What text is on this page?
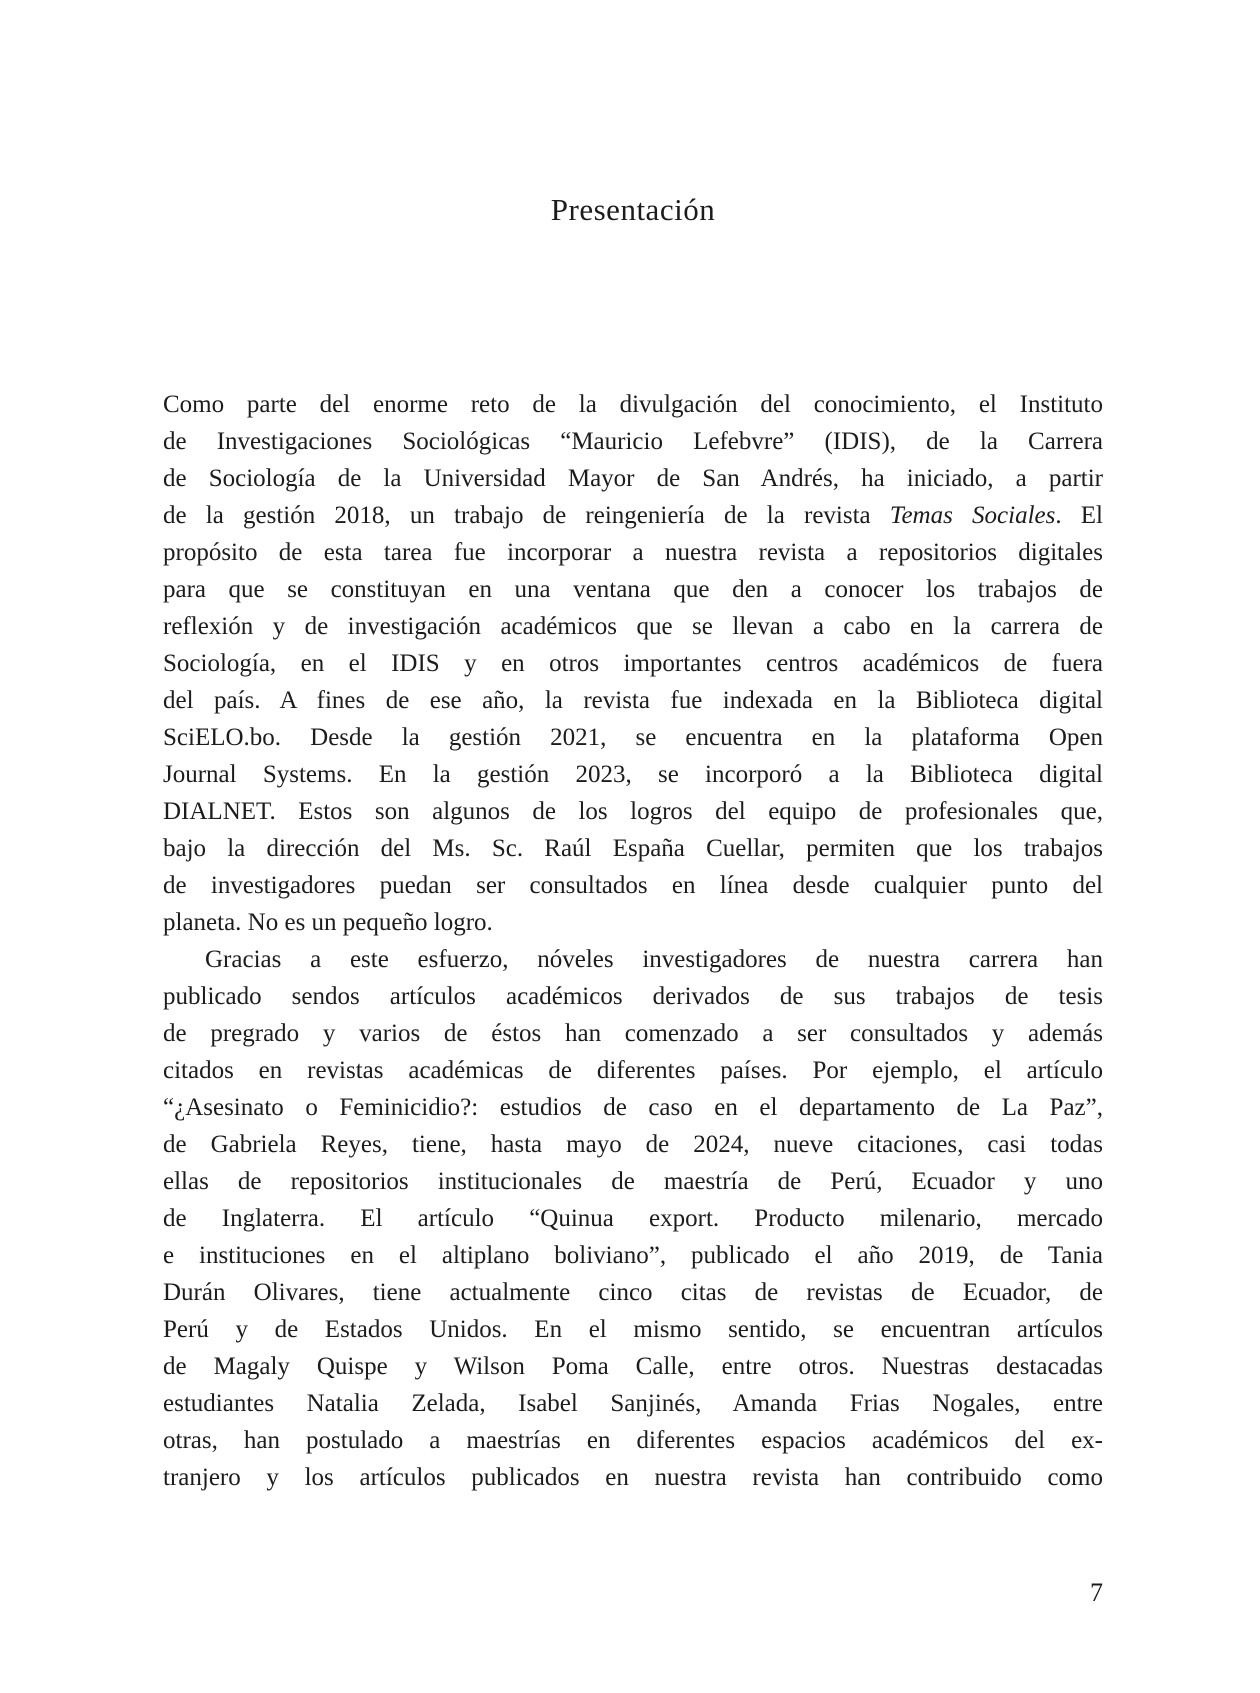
Presentación
Como parte del enorme reto de la divulgación del conocimiento, el Instituto
de Investigaciones Sociológicas “Mauricio Lefebvre” (IDIS), de la Carrera
de Sociología de la Universidad Mayor de San Andrés, ha iniciado, a partir
de la gestión 2018, un trabajo de reingeniería de la revista Temas Sociales. El
propósito de esta tarea fue incorporar a nuestra revista a repositorios digitales
para que se constituyan en una ventana que den a conocer los trabajos de
reflexión y de investigación académicos que se llevan a cabo en la carrera de
Sociología, en el IDIS y en otros importantes centros académicos de fuera
del país. A fines de ese año, la revista fue indexada en la Biblioteca digital
SciELO.bo. Desde la gestión 2021, se encuentra en la plataforma Open
Journal Systems. En la gestión 2023, se incorporó a la Biblioteca digital
DIALNET. Estos son algunos de los logros del equipo de profesionales que,
bajo la dirección del Ms. Sc. Raúl España Cuellar, permiten que los trabajos
de investigadores puedan ser consultados en línea desde cualquier punto del
planeta. No es un pequeño logro.
Gracias a este esfuerzo, nóveles investigadores de nuestra carrera han
publicado sendos artículos académicos derivados de sus trabajos de tesis
de pregrado y varios de éstos han comenzado a ser consultados y además
citados en revistas académicas de diferentes países. Por ejemplo, el artículo
“¿Asesinato o Feminicidio?: estudios de caso en el departamento de La Paz”,
de Gabriela Reyes, tiene, hasta mayo de 2024, nueve citaciones, casi todas
ellas de repositorios institucionales de maestría de Perú, Ecuador y uno
de Inglaterra. El artículo “Quinua export. Producto milenario, mercado
e instituciones en el altiplano boliviano”, publicado el año 2019, de Tania
Durán Olivares, tiene actualmente cinco citas de revistas de Ecuador, de
Perú y de Estados Unidos. En el mismo sentido, se encuentran artículos
de Magaly Quispe y Wilson Poma Calle, entre otros. Nuestras destacadas
estudiantes Natalia Zelada, Isabel Sanjinés, Amanda Frias Nogales, entre
otras, han postulado a maestrías en diferentes espacios académicos del ex-
tranjero y los artículos publicados en nuestra revista han contribuido como
7
